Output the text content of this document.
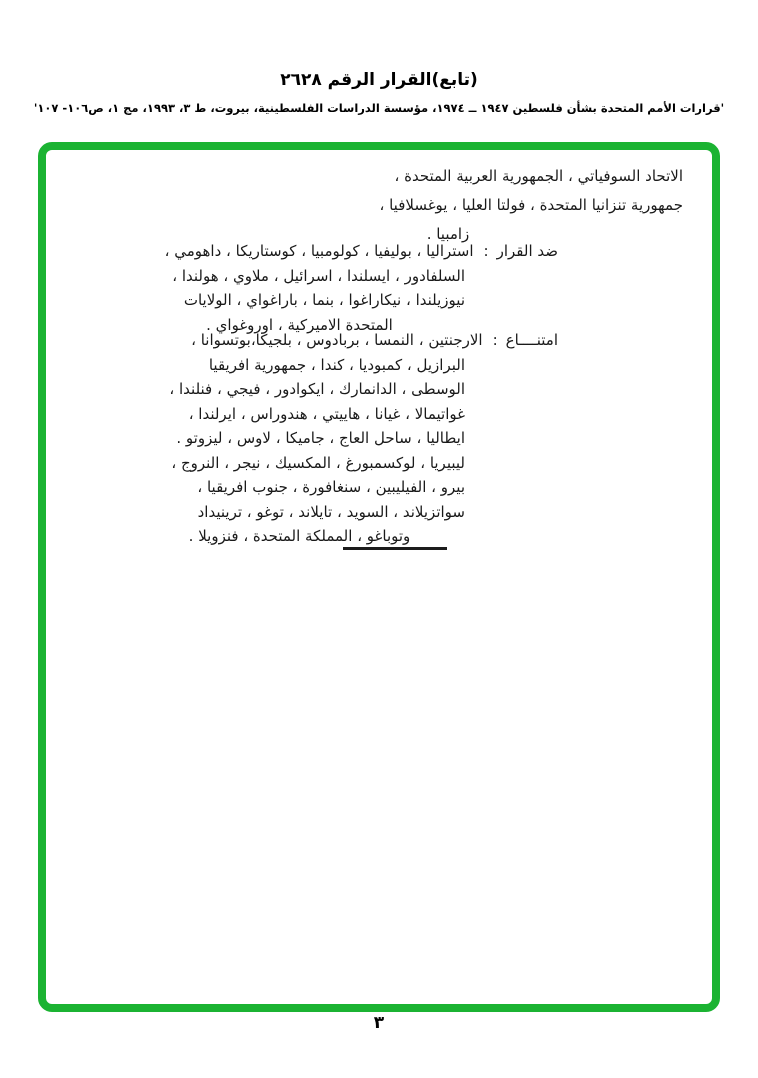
(تابع)القرار الرقم ٢٦٢٨
'قرارات الأمم المتحدة بشأن فلسطين ١٩٤٧ ــ ١٩٧٤، مؤسسة الدراسات الفلسطينية، بيروت، ط ٣، ١٩٩٣، مج ١، ص١٠٦- ١٠٧'
الاتحاد السوفياتي ، الجمهورية العربية المتحدة ،
جمهورية تنزانيا المتحدة ، فولتا العليا ، يوغسلافيا ،
زامبيا .
ضد القرار:استراليا ، بوليفيا ، كولومبيا ، كوستاريكا ، داهومي ،
السلفادور ، ايسلندا ، اسرائيل ، ملاوي ، هولندا ،
نيوزيلندا ، نيكاراغوا ، بنما ، باراغواي ، الولايات
المتحدة الاميركية ، اوروغواي .
امتنــــاع:الارجنتين ، النمسا ، بربادوس ، بلجيكا،بوتسوانا ،
البرازيل ، كمبوديا ، كندا ، جمهورية افريقيا
الوسطى ، الدانمارك ، ايكوادور ، فيجي ، فنلندا ،
غواتيمالا ، غيانا ، هاييتي ، هندوراس ، ايرلندا ،
ايطاليا ، ساحل العاج ، جاميكا ، لاوس ، ليزوتو .
ليبيريا ، لوكسمبورغ ، المكسيك ، نيجر ، النروج ،
بيرو ، الفيليبين ، سنغافورة ، جنوب افريقيا ،
سواتزيلاند ، السويد ، تايلاند ، توغو ، ترينيداد
وتوباغو ، المملكة المتحدة ، فنزويلا .
٣
